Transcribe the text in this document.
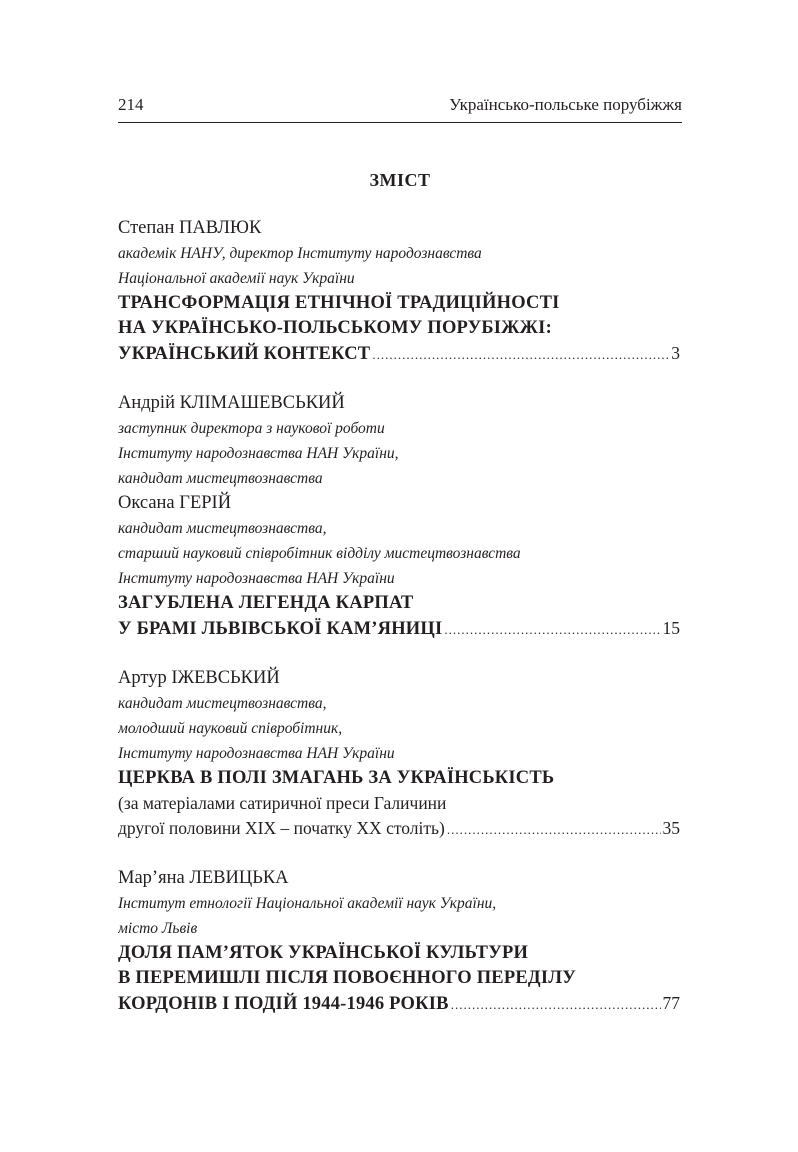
214	Українсько-польське порубіжжя
ЗМІСТ
Степан ПАВЛЮК
академік НАНУ, директор Інституту народознавства
Національної академії наук України
ТРАНСФОРМАЦІЯ ЕТНІЧНОЇ ТРАДИЦІЙНОСТІ
НА УКРАЇНСЬКО-ПОЛЬСЬКОМУ ПОРУБІЖЖІ:
УКРАЇНСЬКИЙ КОНТЕКСТ .....	3
Андрій КЛІМАШЕВСЬКИЙ
заступник директора з наукової роботи
Інституту народознавства НАН України,
кандидат мистецтвознавства
Оксана ГЕРІЙ
кандидат мистецтвознавства,
старший науковий співробітник відділу мистецтвознавства
Інституту народознавства НАН України
ЗАГУБЛЕНА ЛЕГЕНДА КАРПАТ
У БРАМІ ЛЬВІВСЬКОЇ КАМ’ЯНИЦІ .....	15
Артур ІЖЕВСЬКИЙ
кандидат мистецтвознавства,
молодший науковий співробітник,
Інституту народознавства НАН України
ЦЕРКВА В ПОЛІ ЗМАГАНЬ ЗА УКРАЇНСЬКІСТЬ
(за матеріалами сатиричної преси Галичини
другої половини ХІХ – початку ХХ століть) .....	35
Мар’яна ЛЕВИЦЬКА
Інститут етнології Національної академії наук України,
місто Львів
ДОЛЯ ПАМ’ЯТОК УКРАЇНСЬКОЇ КУЛЬТУРИ
В ПЕРЕМИШЛІ ПІСЛЯ ПОВОЄННОГО ПЕРЕДІЛУ
КОРДОНІВ І ПОДІЙ 1944-1946 РОКІВ .....	77
